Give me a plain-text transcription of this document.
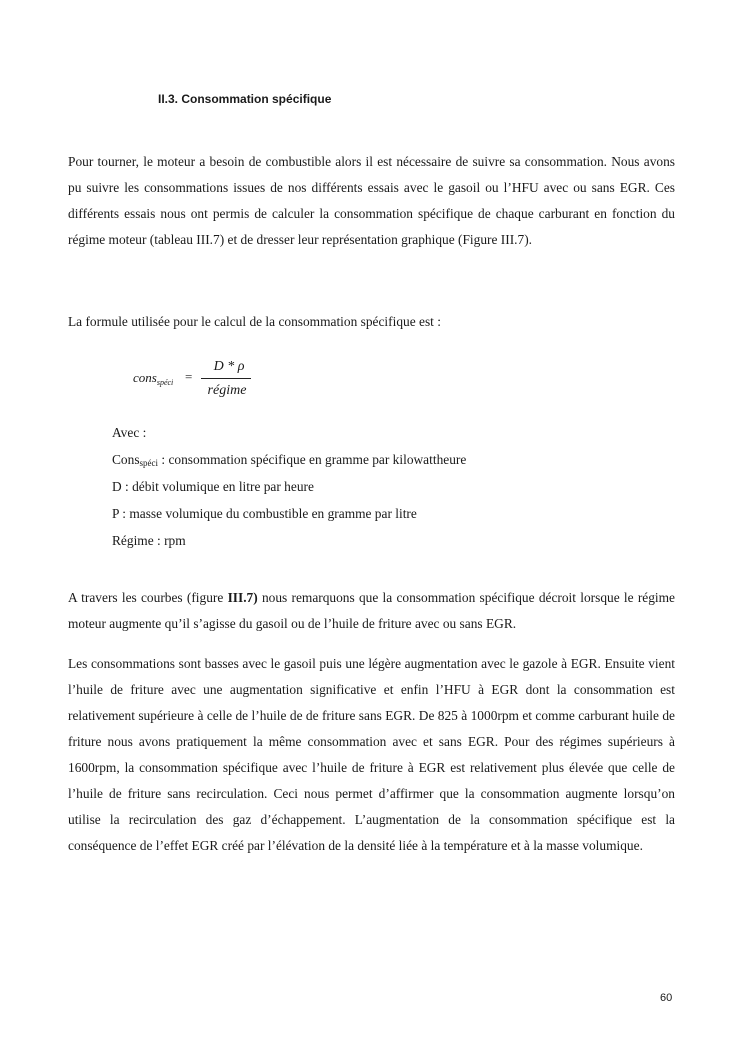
II.3. Consommation spécifique

Pour tourner, le moteur a besoin de combustible alors il est nécessaire de suivre sa consommation. Nous avons pu suivre les consommations issues de nos différents essais avec le gasoil ou l’HFU avec ou sans EGR. Ces différents essais nous ont permis de calculer la consommation spécifique de chaque carburant en fonction du régime moteur (tableau III.7) et de dresser leur représentation graphique (Figure III.7).

La formule utilisée pour le calcul de la consommation spécifique est :

cons$_{spéci}$ =
D * ρ
régime
Avec :
Cons$_{spéci}$ : consommation spécifique en gramme par kilowattheure
D : débit volumique en litre par heure
P : masse volumique du combustible en gramme par litre
Régime : rpm

A travers les courbes (figure III.7) nous remarquons que la consommation spécifique décroit lorsque le régime moteur augmente qu’il s’agisse du gasoil ou de l’huile de friture avec ou sans EGR.

Les consommations sont basses avec le gasoil puis une légère augmentation avec le gazole à EGR. Ensuite vient l’huile de friture avec une augmentation significative et enfin l’HFU à EGR dont la consommation est relativement supérieure à celle de l’huile de de friture sans EGR. De 825 à 1000rpm et comme carburant huile de friture nous avons pratiquement la même consommation avec et sans EGR. Pour des régimes supérieurs à 1600rpm, la consommation spécifique avec l’huile de friture à EGR est relativement plus élevée que celle de l’huile de friture sans recirculation. Ceci nous permet d’affirmer que la consommation augmente lorsqu’on utilise la recirculation des gaz d’échappement. L’augmentation de la consommation spécifique est la conséquence de l’effet EGR créé par l’élévation de la densité liée à la température et à la masse volumique.

60
